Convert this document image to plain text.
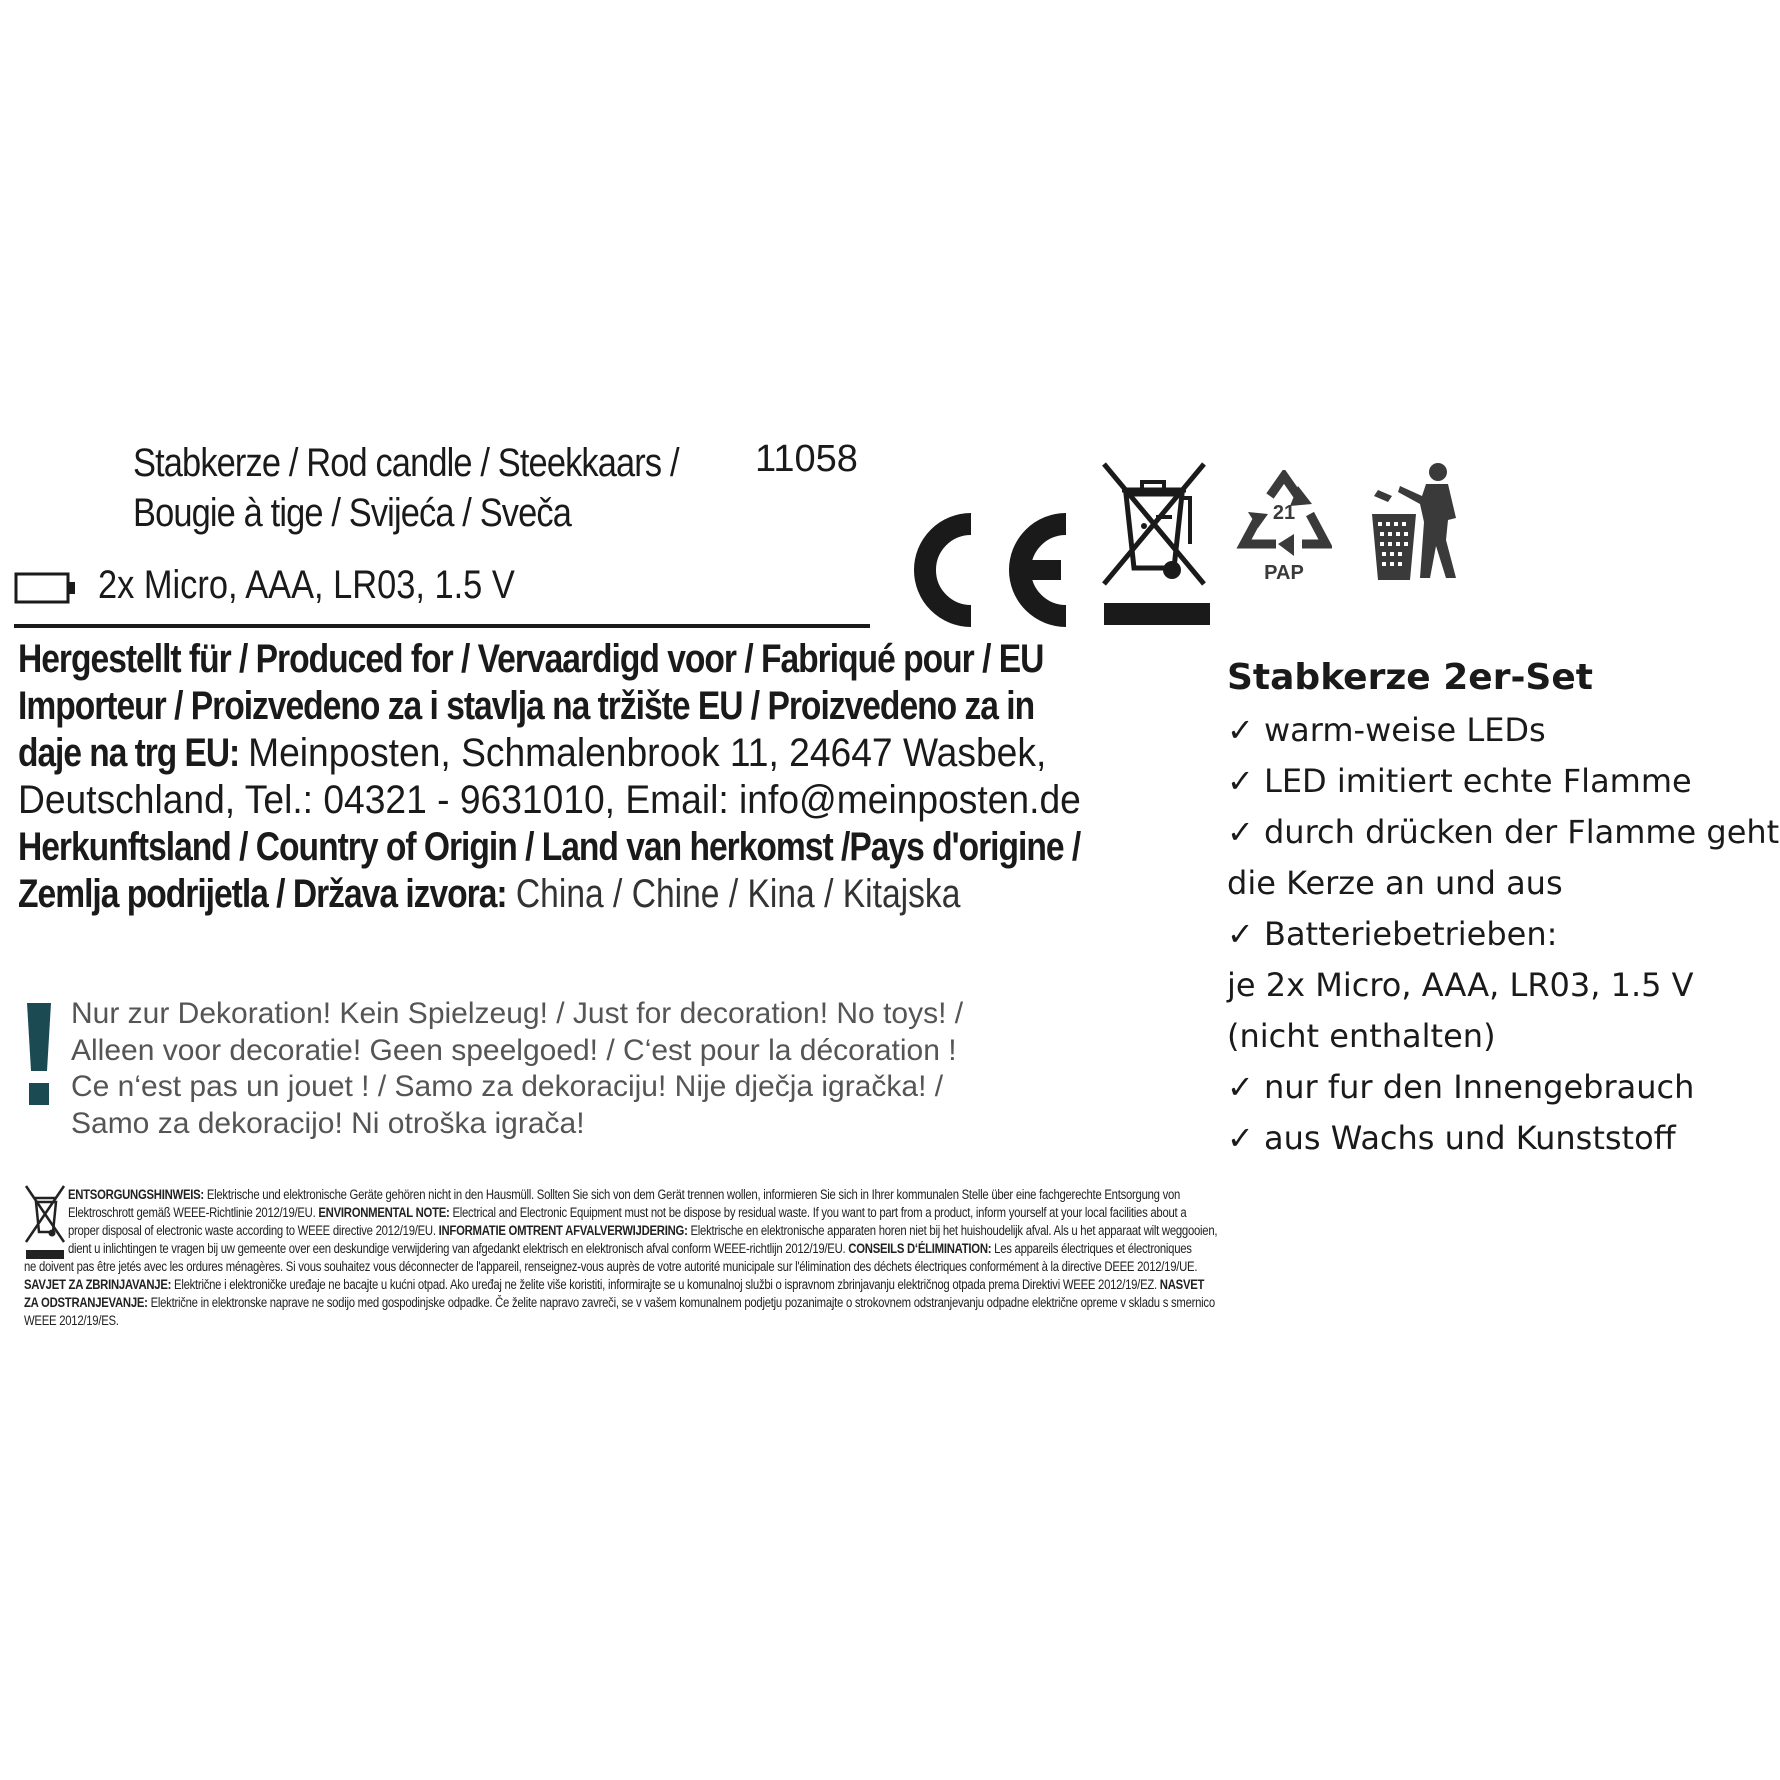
Stabkerze / Rod candle / Steekkaars /
Bougie à tige / Svijeća / Sveča
11058
2x Micro, AAA, LR03, 1.5 V
21
PAP
Hergestellt für / Produced for / Vervaardigd voor / Fabriqué pour / EU
Importeur / Proizvedeno za i stavlja na tržište EU / Proizvedeno za in
daje na trg EU: Meinposten, Schmalenbrook 11, 24647 Wasbek,
Deutschland, Tel.: 04321 - 9631010, Email: info@meinposten.de
Herkunftsland / Country of Origin / Land van herkomst /Pays d'origine /
Zemlja podrijetla / Država izvora: China / Chine / Kina / Kitajska
Nur zur Dekoration! Kein Spielzeug! / Just for decoration! No toys! /
Alleen voor decoratie! Geen speelgoed! / C‘est pour la décoration !
Ce n‘est pas un jouet ! / Samo za dekoraciju! Nije dječja igračka! /
Samo za dekoracijo! Ni otroška igrača!
Stabkerze 2er-Set
✓ warm-weise LEDs
✓ LED imitiert echte Flamme
✓ durch drücken der Flamme geht
die Kerze an und aus
✓ Batteriebetrieben:
je 2x Micro, AAA, LR03, 1.5 V
(nicht enthalten)
✓ nur fur den Innengebrauch
✓ aus Wachs und Kunststoff
ENTSORGUNGSHINWEIS: Elektrische und elektronische Geräte gehören nicht in den Hausmüll. Sollten Sie sich von dem Gerät trennen wollen, informieren Sie sich in Ihrer kommunalen Stelle über eine fachgerechte Entsorgung von
Elektroschrott gemäß WEEE-Richtlinie 2012/19/EU. ENVIRONMENTAL NOTE: Electrical and Electronic Equipment must not be dispose by residual waste. If you want to part from a product, inform yourself at your local facilities about a
proper disposal of electronic waste according to WEEE directive 2012/19/EU. INFORMATIE OMTRENT AFVALVERWIJDERING: Elektrische en elektronische apparaten horen niet bij het huishoudelijk afval. Als u het apparaat wilt weggooien,
dient u inlichtingen te vragen bij uw gemeente over een deskundige verwijdering van afgedankt elektrisch en elektronisch afval conform WEEE-richtlijn 2012/19/EU. CONSEILS D‘ÉLIMINATION: Les appareils électriques et électroniques
ne doivent pas être jetés avec les ordures ménagères. Si vous souhaitez vous déconnecter de l'appareil, renseignez-vous auprès de votre autorité municipale sur l'élimination des déchets électriques conformément à la directive DEEE 2012/19/UE.
SAVJET ZA ZBRINJAVANJE: Električne i elektroničke uređaje ne bacajte u kućni otpad. Ako uređaj ne želite više koristiti, informirajte se u komunalnoj službi o ispravnom zbrinjavanju električnog otpada prema Direktivi WEEE 2012/19/EZ. NASVET
ZA ODSTRANJEVANJE: Električne in elektronske naprave ne sodijo med gospodinjske odpadke. Če želite napravo zavreči, se v vašem komunalnem podjetju pozanimajte o strokovnem odstranjevanju odpadne električne opreme v skladu s smernico
WEEE 2012/19/ES.
